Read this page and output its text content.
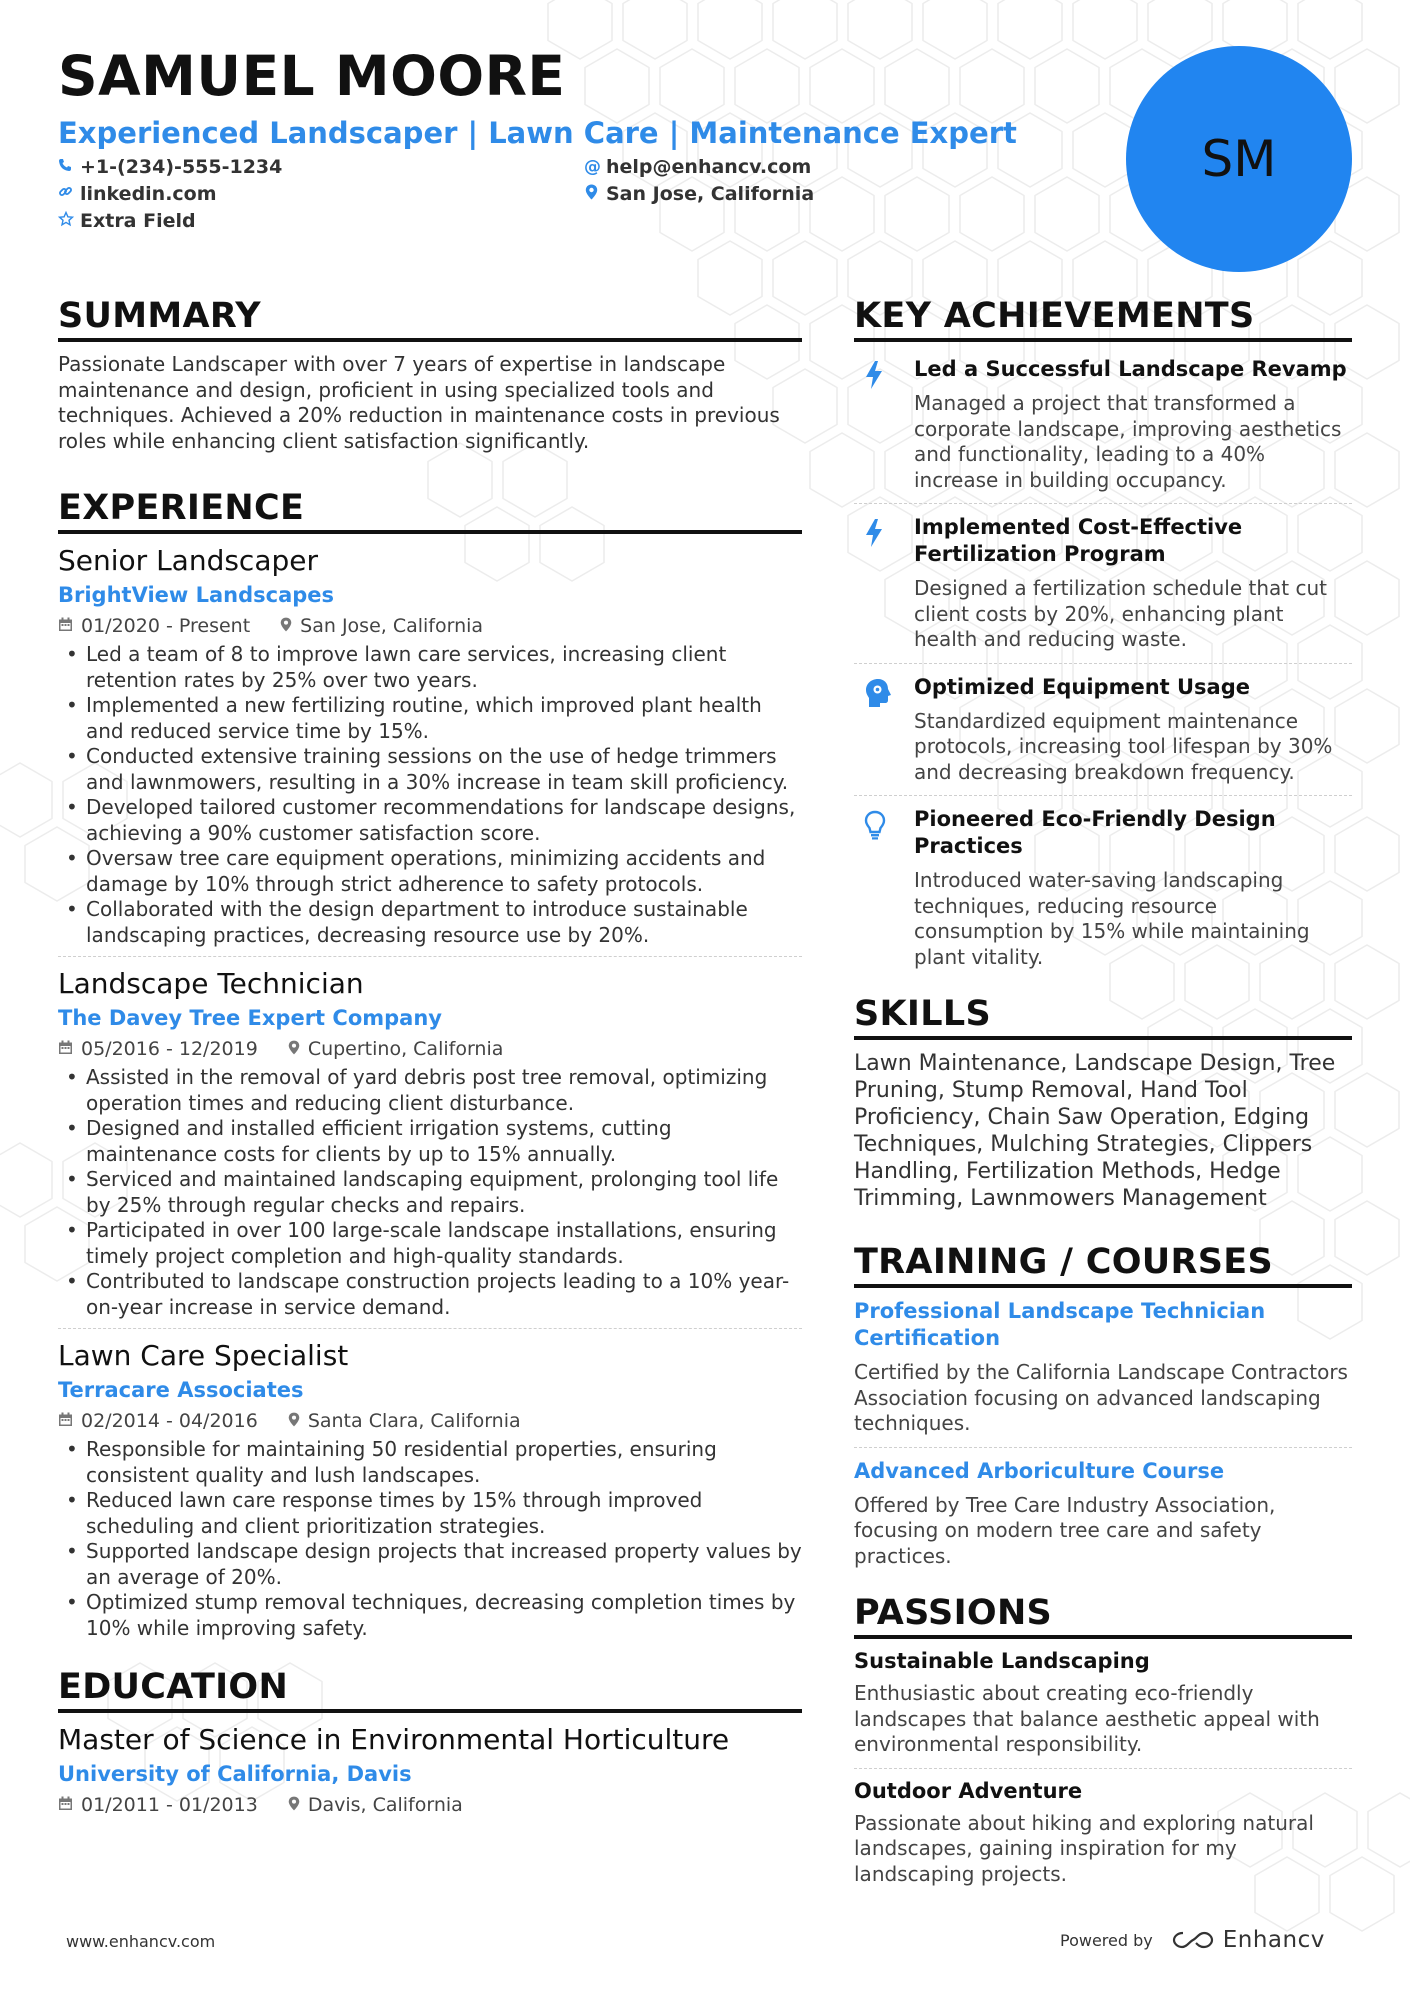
SAMUEL MOORE
Experienced Landscaper | Lawn Care | Maintenance Expert
+1-(234)-555-1234
linkedin.com
Extra Field
@ help@enhancv.com
San Jose, California
SM
SUMMARY
Passionate Landscaper with over 7 years of expertise in landscape maintenance and design, proficient in using specialized tools and techniques. Achieved a 20% reduction in maintenance costs in previous roles while enhancing client satisfaction significantly.
EXPERIENCE
Senior Landscaper
BrightView Landscapes
01/2020 - Present	San Jose, California
• Led a team of 8 to improve lawn care services, increasing client retention rates by 25% over two years.
• Implemented a new fertilizing routine, which improved plant health and reduced service time by 15%.
• Conducted extensive training sessions on the use of hedge trimmers and lawnmowers, resulting in a 30% increase in team skill proficiency.
• Developed tailored customer recommendations for landscape designs, achieving a 90% customer satisfaction score.
• Oversaw tree care equipment operations, minimizing accidents and damage by 10% through strict adherence to safety protocols.
• Collaborated with the design department to introduce sustainable landscaping practices, decreasing resource use by 20%.
Landscape Technician
The Davey Tree Expert Company
05/2016 - 12/2019	Cupertino, California
• Assisted in the removal of yard debris post tree removal, optimizing operation times and reducing client disturbance.
• Designed and installed efficient irrigation systems, cutting maintenance costs for clients by up to 15% annually.
• Serviced and maintained landscaping equipment, prolonging tool life by 25% through regular checks and repairs.
• Participated in over 100 large-scale landscape installations, ensuring timely project completion and high-quality standards.
• Contributed to landscape construction projects leading to a 10% year-on-year increase in service demand.
Lawn Care Specialist
Terracare Associates
02/2014 - 04/2016	Santa Clara, California
• Responsible for maintaining 50 residential properties, ensuring consistent quality and lush landscapes.
• Reduced lawn care response times by 15% through improved scheduling and client prioritization strategies.
• Supported landscape design projects that increased property values by an average of 20%.
• Optimized stump removal techniques, decreasing completion times by 10% while improving safety.
EDUCATION
Master of Science in Environmental Horticulture
University of California, Davis
01/2011 - 01/2013	Davis, California
KEY ACHIEVEMENTS
Led a Successful Landscape Revamp
Managed a project that transformed a corporate landscape, improving aesthetics and functionality, leading to a 40% increase in building occupancy.
Implemented Cost-Effective Fertilization Program
Designed a fertilization schedule that cut client costs by 20%, enhancing plant health and reducing waste.
Optimized Equipment Usage
Standardized equipment maintenance protocols, increasing tool lifespan by 30% and decreasing breakdown frequency.
Pioneered Eco-Friendly Design Practices
Introduced water-saving landscaping techniques, reducing resource consumption by 15% while maintaining plant vitality.
SKILLS
Lawn Maintenance, Landscape Design, Tree Pruning, Stump Removal, Hand Tool Proficiency, Chain Saw Operation, Edging Techniques, Mulching Strategies, Clippers Handling, Fertilization Methods, Hedge Trimming, Lawnmowers Management
TRAINING / COURSES
Professional Landscape Technician Certification
Certified by the California Landscape Contractors Association focusing on advanced landscaping techniques.
Advanced Arboriculture Course
Offered by Tree Care Industry Association, focusing on modern tree care and safety practices.
PASSIONS
Sustainable Landscaping
Enthusiastic about creating eco-friendly landscapes that balance aesthetic appeal with environmental responsibility.
Outdoor Adventure
Passionate about hiking and exploring natural landscapes, gaining inspiration for my landscaping projects.
www.enhancv.com	Powered by	Enhancv
